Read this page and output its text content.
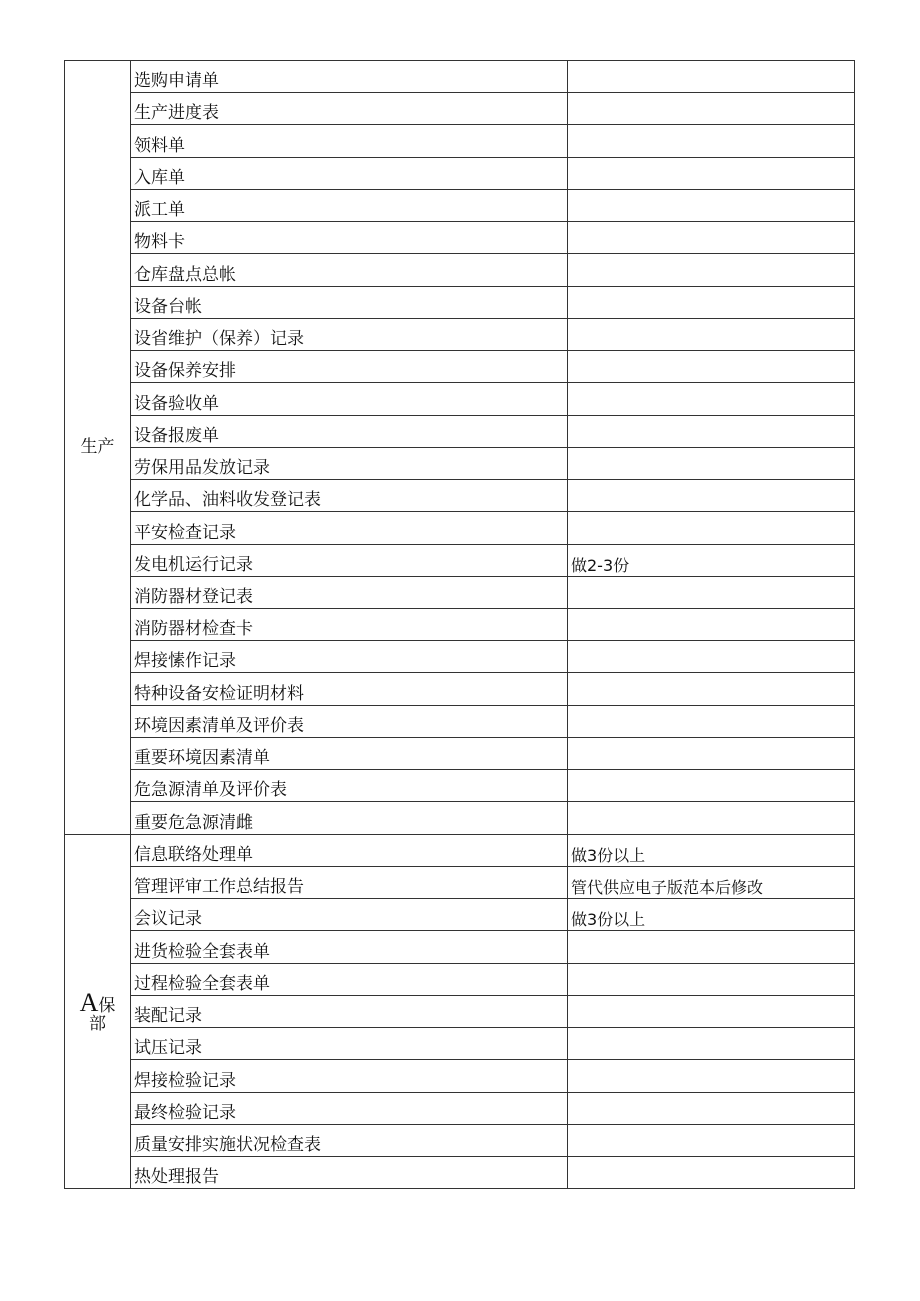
生产	选购申请单	

	生产进度表	

	领料单	

	入库单	

	派工单	

	物料卡	

	仓库盘点总帐	

	设备台帐	

	设省维护（保养）记录	

	设备保养安排	

	设备验收单	

	设备报废单	

	劳保用品发放记录	

	化学品、油料收发登记表	

	平安检查记录	

	发电机运行记录	做2-3份

	消防器材登记表	

	消防器材检查卡	

	焊接愫作记录	

	特种设备安检证明材料	

	环境因素清单及评价表	

	重要环境因素清单	

	危急源清单及评价表	

	重要危急源清雌	

A保
部	信息联络处理单	做3份以上

	管理评审工作总结报告	管代供应电子版范本后修改

	会议记录	做3份以上

	进货检验全套表单	

	过程检验全套表单	

	装配记录	

	试压记录	

	焊接检验记录	

	最终检验记录	

	质量安排实施状况检查表	

	热处理报告	
